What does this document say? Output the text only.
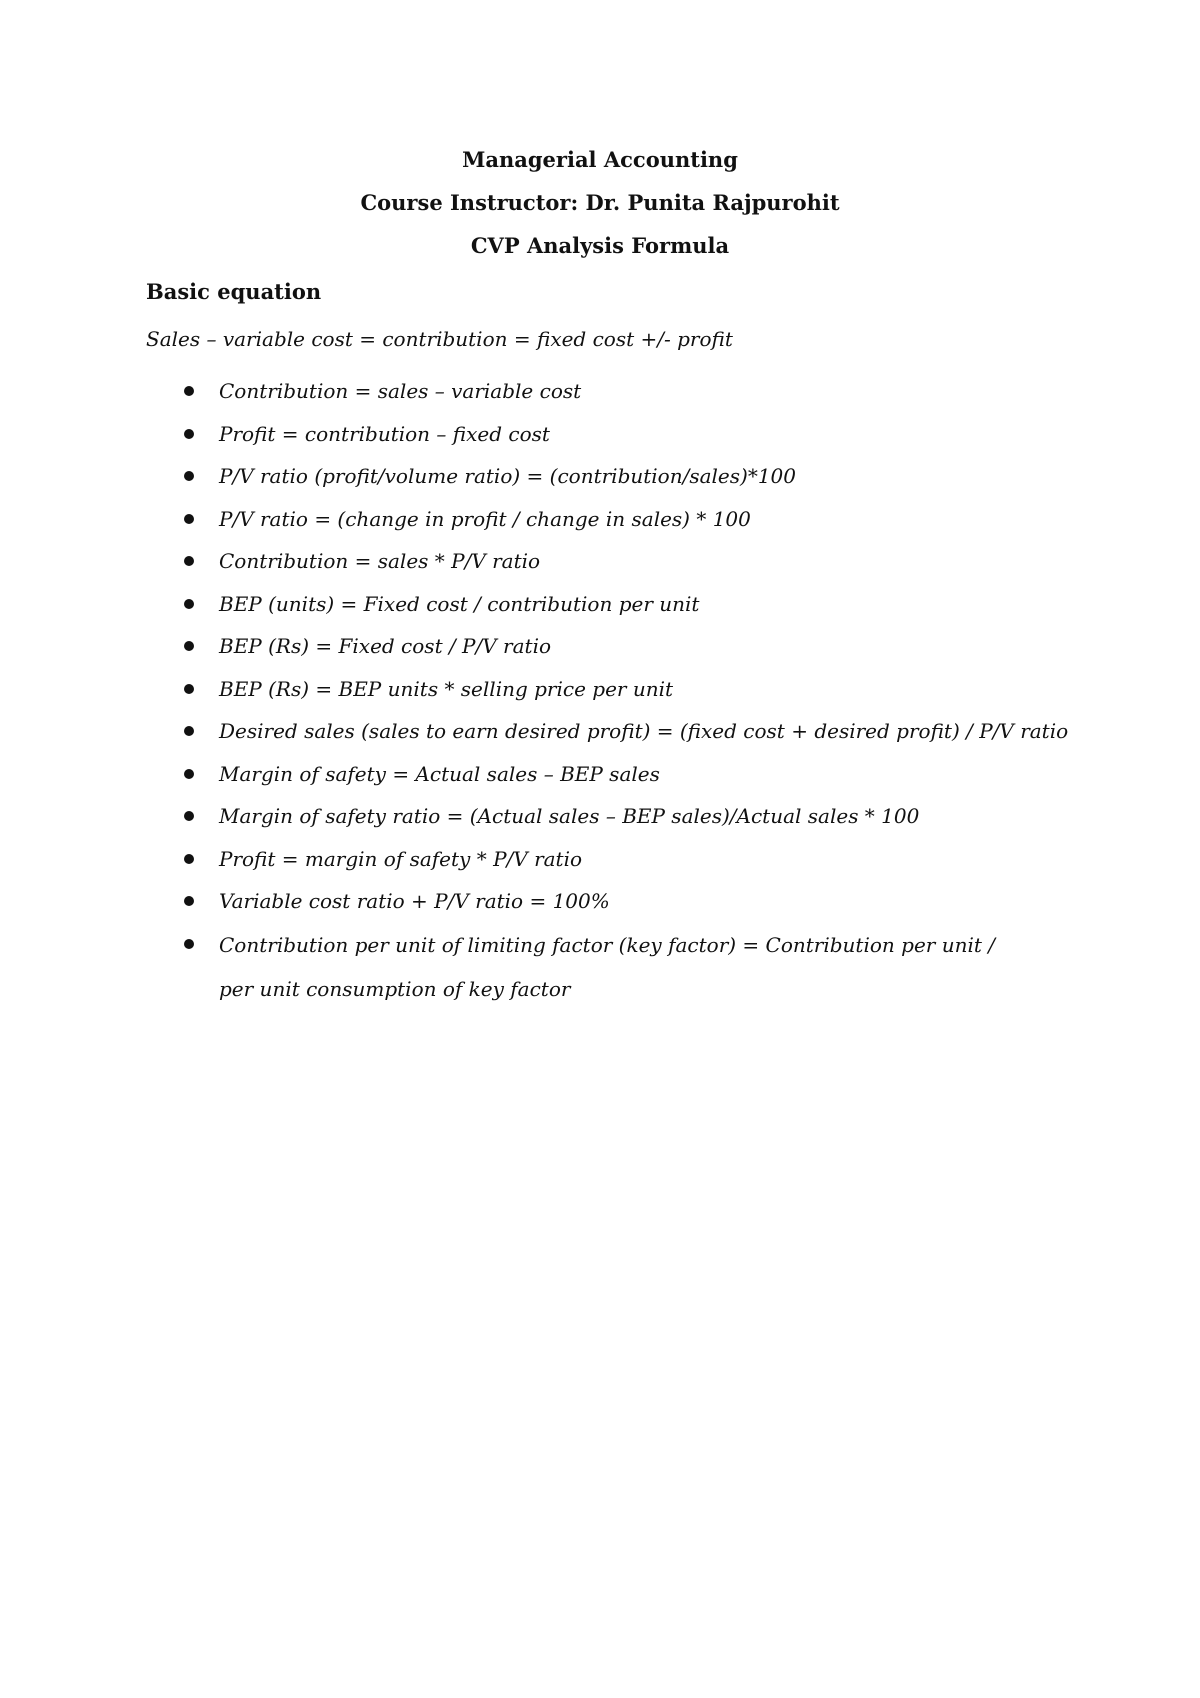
Managerial Accounting
Course Instructor: Dr. Punita Rajpurohit
CVP Analysis Formula
Basic equation
Sales – variable cost = contribution = fixed cost +/- profit
Contribution = sales – variable cost
Profit = contribution – fixed cost
P/V ratio (profit/volume ratio) = (contribution/sales)*100
P/V ratio = (change in profit / change in sales) * 100
Contribution = sales * P/V ratio
BEP (units) = Fixed cost / contribution per unit
BEP (Rs) = Fixed cost / P/V ratio
BEP (Rs) = BEP units * selling price per unit
Desired sales (sales to earn desired profit) = (fixed cost + desired profit) / P/V ratio
Margin of safety = Actual sales – BEP sales
Margin of safety ratio = (Actual sales – BEP sales)/Actual sales * 100
Profit = margin of safety * P/V ratio
Variable cost ratio + P/V ratio = 100%
Contribution per unit of limiting factor (key factor) = Contribution per unit / per unit consumption of key factor
